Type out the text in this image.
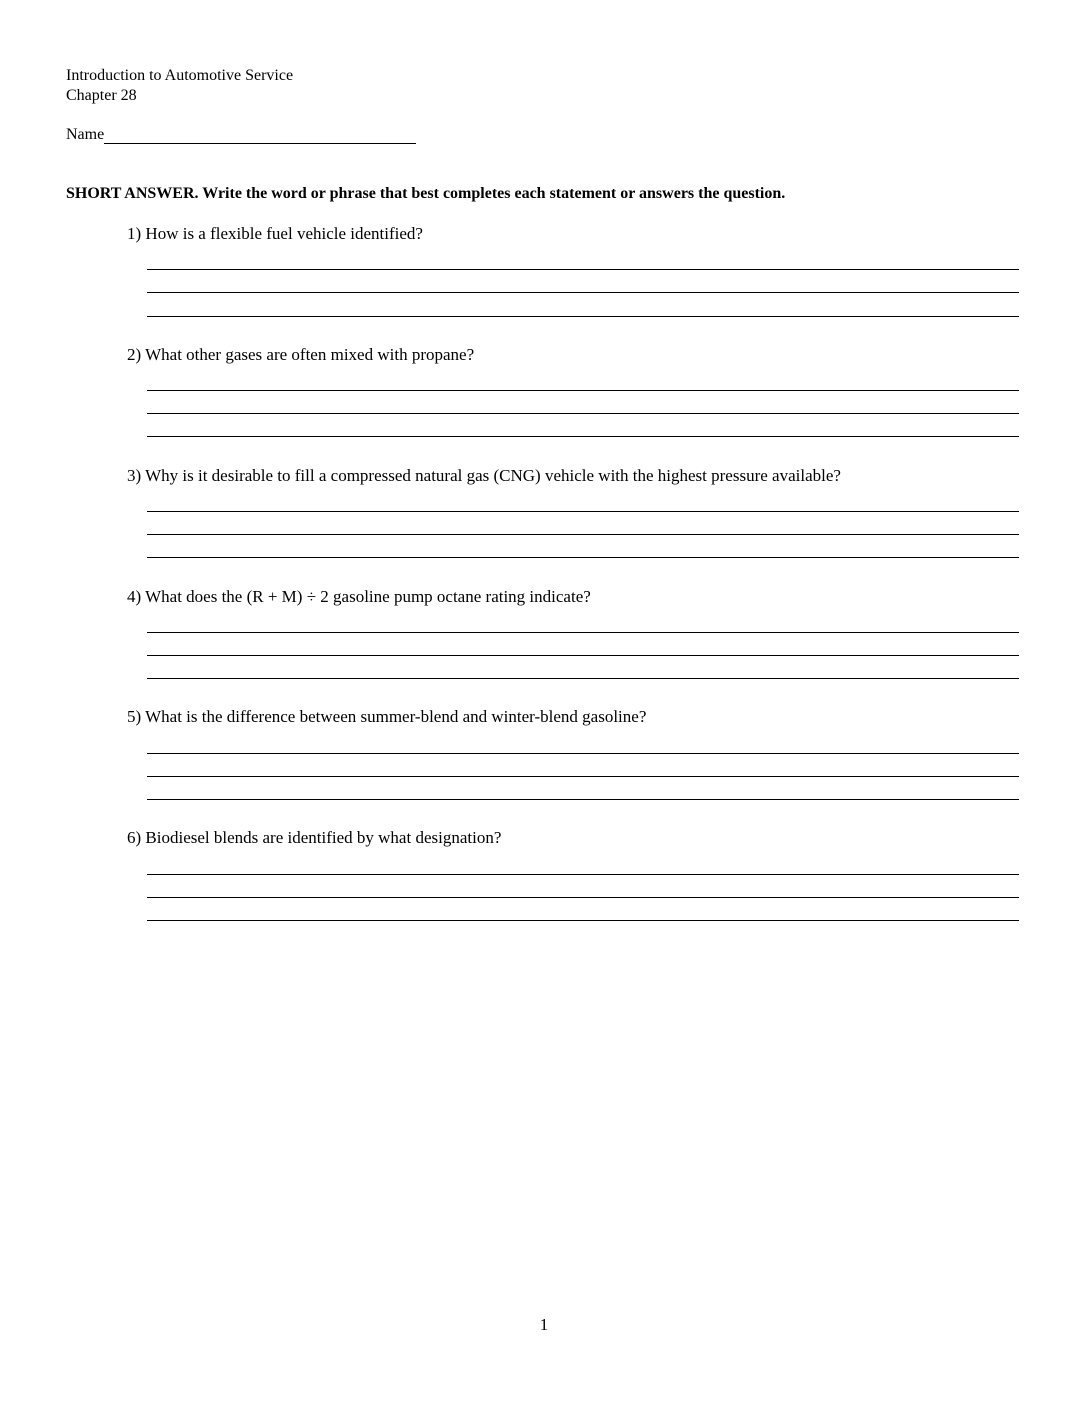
Introduction to Automotive Service
Chapter 28
Name
SHORT ANSWER. Write the word or phrase that best completes each statement or answers the question.
1) How is a flexible fuel vehicle identified?
2) What other gases are often mixed with propane?
3) Why is it desirable to fill a compressed natural gas (CNG) vehicle with the highest pressure available?
4) What does the (R + M) ÷ 2 gasoline pump octane rating indicate?
5) What is the difference between summer-blend and winter-blend gasoline?
6) Biodiesel blends are identified by what designation?
1
